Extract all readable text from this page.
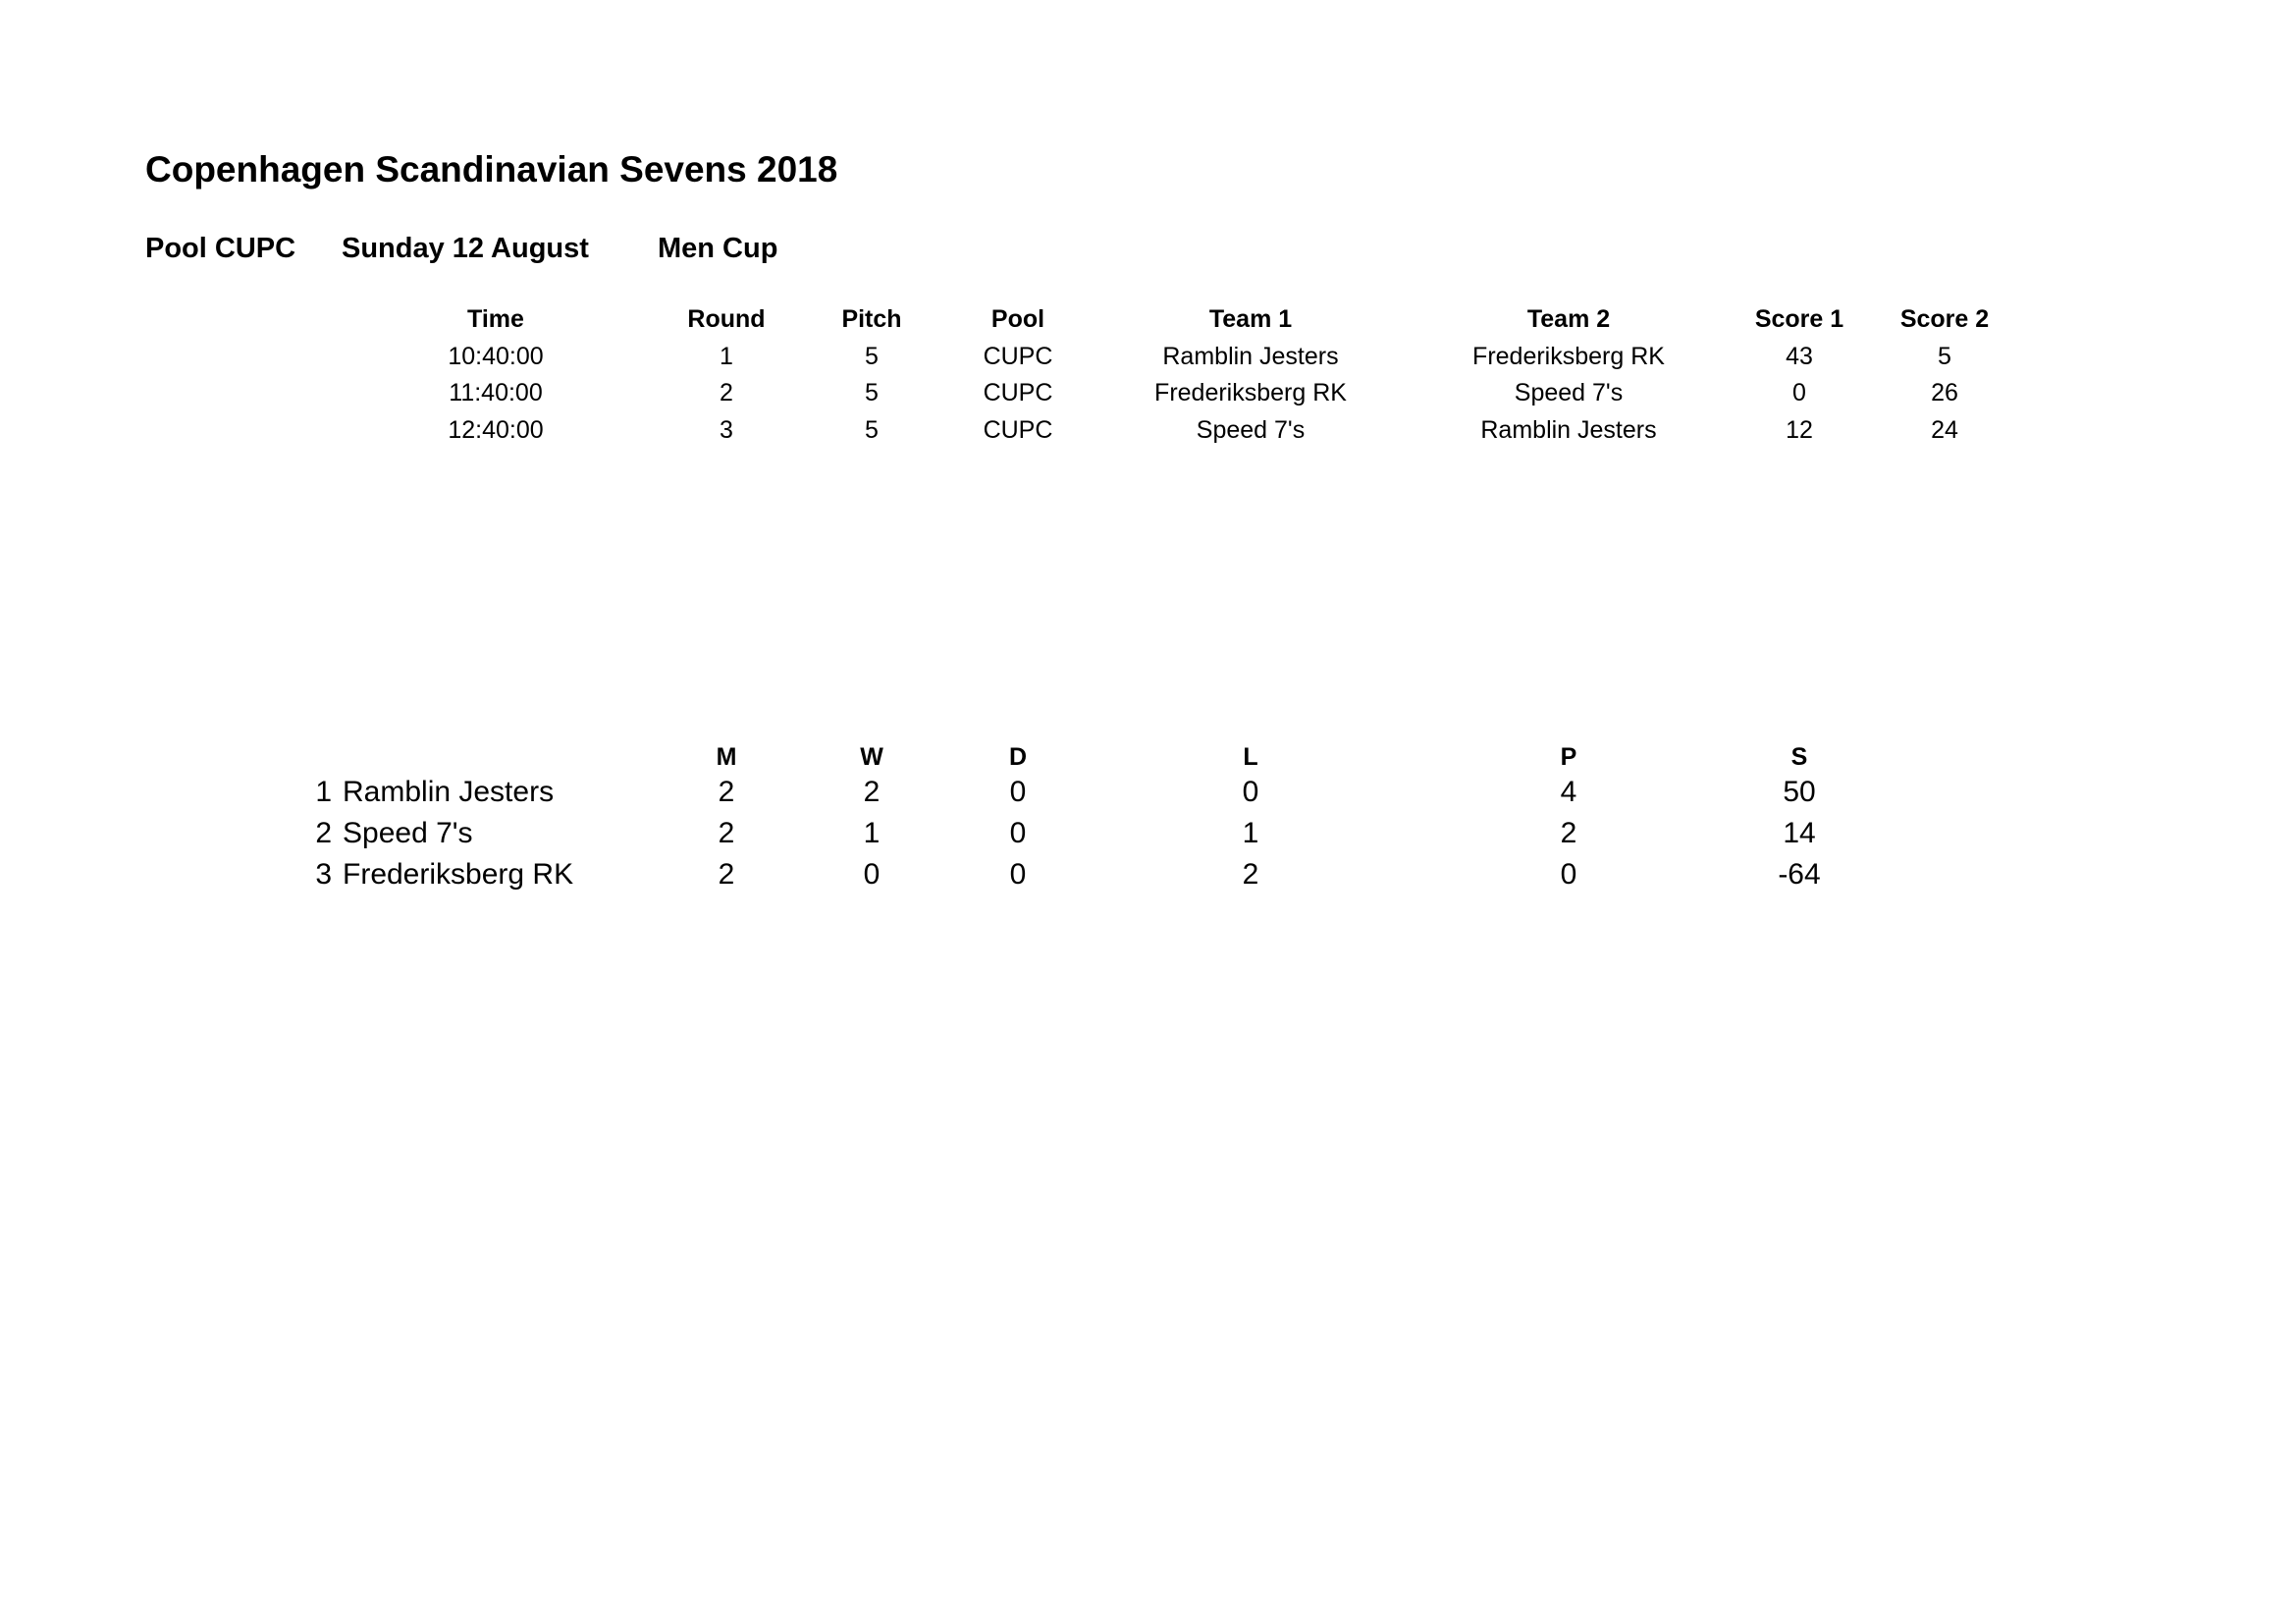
Copenhagen Scandinavian Sevens 2018
Pool CUPC Sunday 12 August Men Cup
Time	Round	Pitch	Pool	Team 1	Team 2	Score 1 Score 2
10:40:00	1	5	CUPC	Ramblin Jesters	Frederiksberg RK	43	5
11:40:00	2	5	CUPC	Frederiksberg RK	Speed 7's	0	26
12:40:00	3	5	CUPC	Speed 7's	Ramblin Jesters	12	24
M	W	D	L	P	S
1 Ramblin Jesters	2	2	0	0	4	50
2 Speed 7's	2	1	0	1	2	14
3 Frederiksberg RK	2	0	0	2	0	-64
